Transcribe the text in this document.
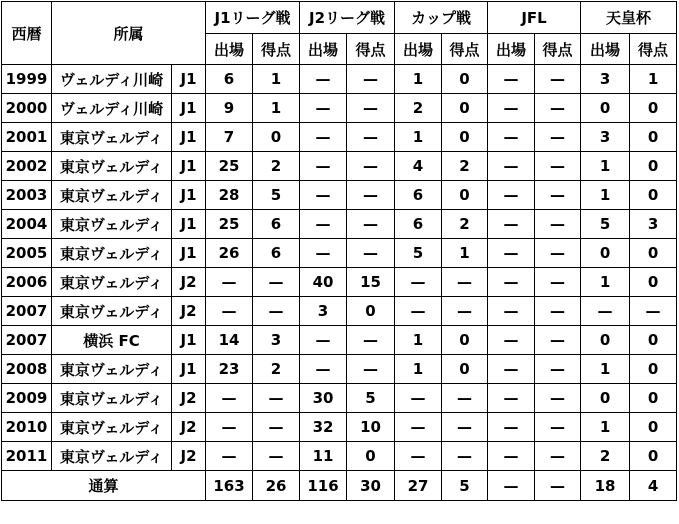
西暦	所属		J1リーグ戦		J2リーグ戦		カップ戦		JFL		天皇杯	
			出場	得点	出場	得点	出場	得点	出場	得点	出場	得点
1999	ヴェルディ川崎	J1	6	1	—	—	1	0	—	—	3	1
2000	ヴェルディ川崎	J1	9	1	—	—	2	0	—	—	0	0
2001	東京ヴェルディ	J1	7	0	—	—	1	0	—	—	3	0
2002	東京ヴェルディ	J1	25	2	—	—	4	2	—	—	1	0
2003	東京ヴェルディ	J1	28	5	—	—	6	0	—	—	1	0
2004	東京ヴェルディ	J1	25	6	—	—	6	2	—	—	5	3
2005	東京ヴェルディ	J1	26	6	—	—	5	1	—	—	0	0
2006	東京ヴェルディ	J2	—	—	40	15	—	—	—	—	1	0
2007	東京ヴェルディ	J2	—	—	3	0	—	—	—	—	—	—
2007	横浜 FC	J1	14	3	—	—	1	0	—	—	0	0
2008	東京ヴェルディ	J1	23	2	—	—	1	0	—	—	1	0
2009	東京ヴェルディ	J2	—	—	30	5	—	—	—	—	0	0
2010	東京ヴェルディ	J2	—	—	32	10	—	—	—	—	1	0
2011	東京ヴェルディ	J2	—	—	11	0	—	—	—	—	2	0
通算			163	26	116	30	27	5	—	—	18	4
